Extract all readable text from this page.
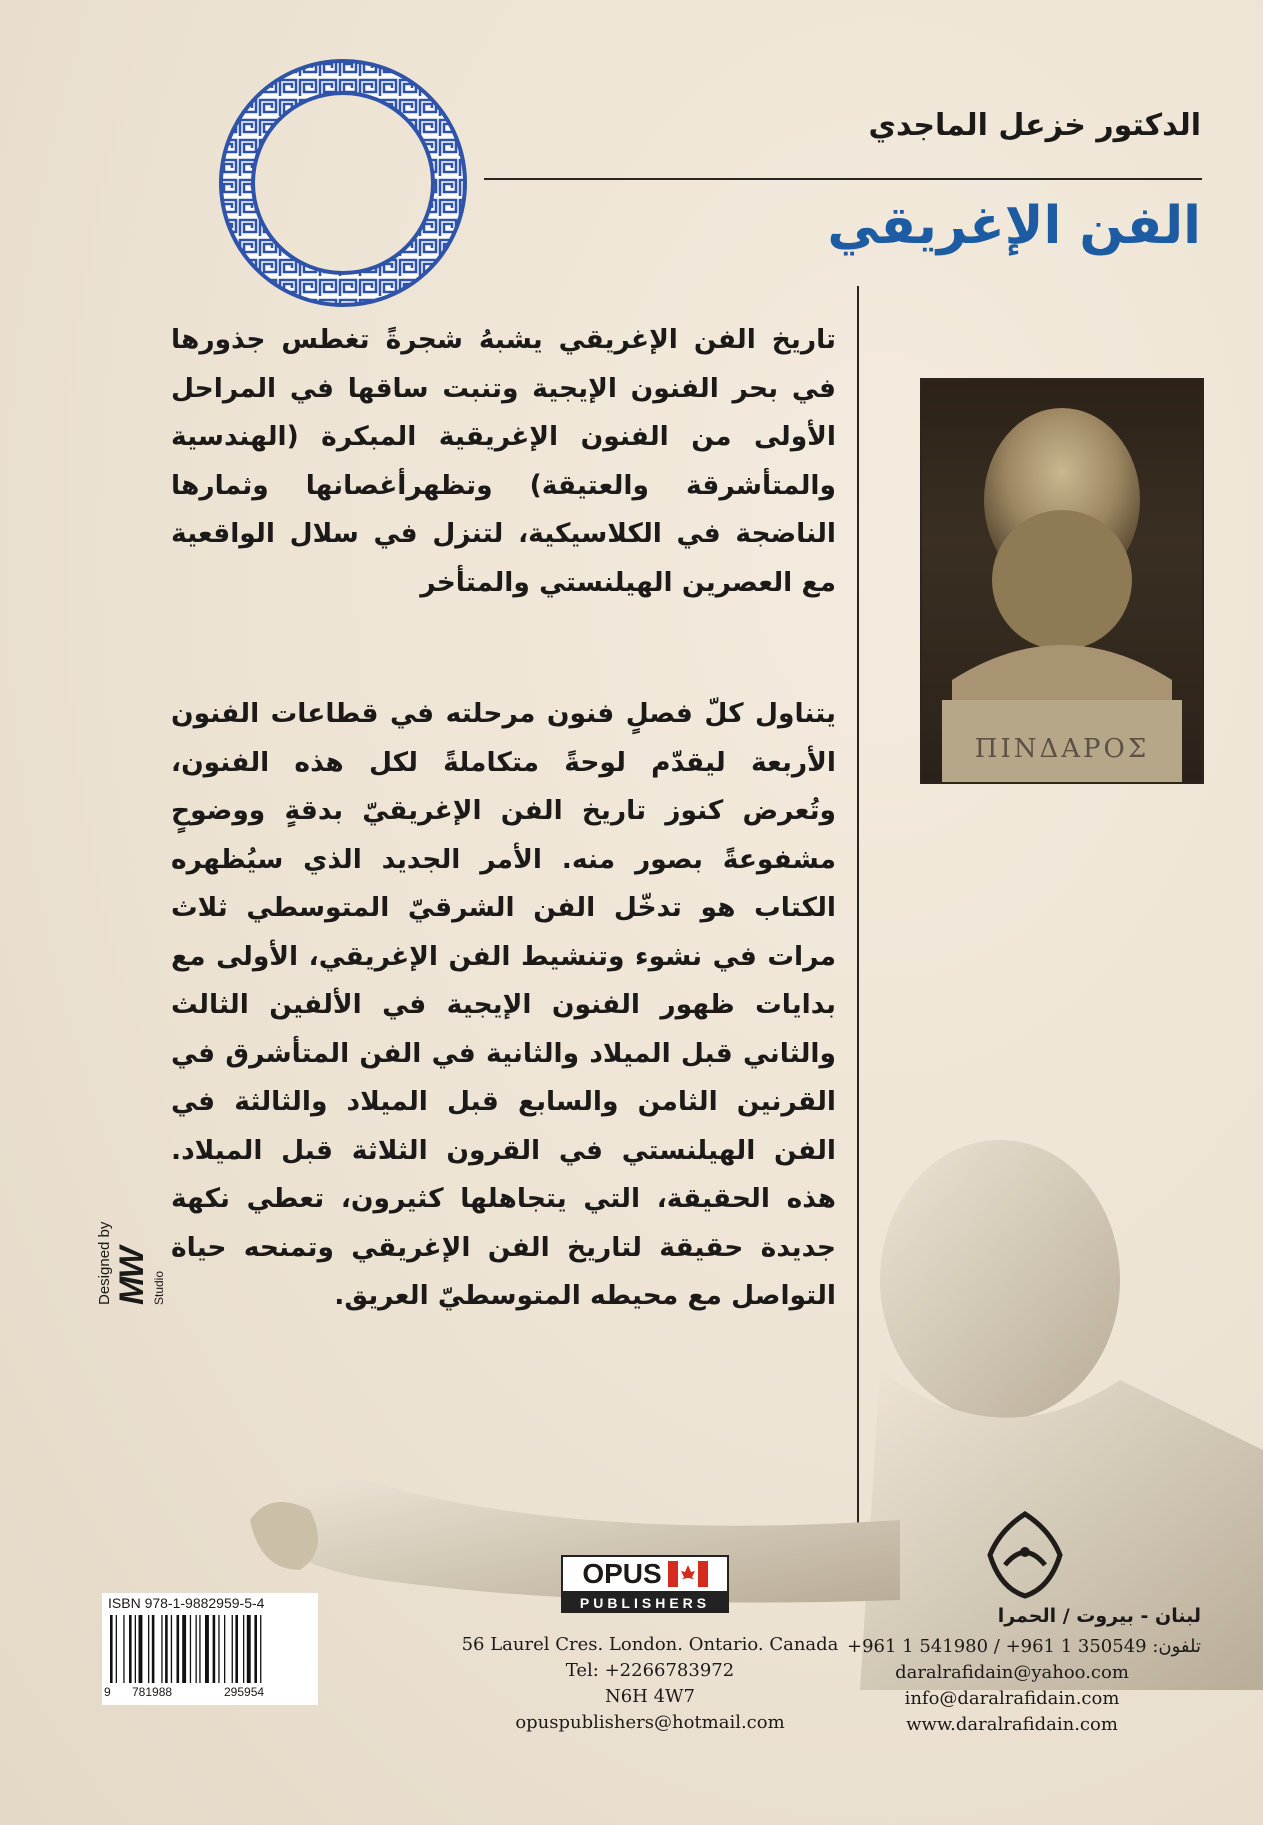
الدكتور خزعل الماجدي
الفن الإغريقي
تاريخ الفن الإغريقي يشبهُ شجرةً تغطس جذورها في بحر الفنون الإيجية وتنبت ساقها في المراحل الأولى من الفنون الإغريقية المبكرة (الهندسية والمتأشرقة والعتيقة) وتظهرأغصانها وثمارها الناضجة في الكلاسيكية، لتنزل في سلال الواقعية مع العصرين الهيلنستي والمتأخر
يتناول كلّ فصلٍ فنون مرحلته في قطاعات الفنون الأربعة ليقدّم لوحةً متكاملةً لكل هذه الفنون، وتُعرض كنوز تاريخ الفن الإغريقيّ بدقةٍ ووضوحٍ مشفوعةً بصور منه. الأمر الجديد الذي سيُظهره الكتاب هو تدخّل الفن الشرقيّ المتوسطي ثلاث مرات في نشوء وتنشيط الفن الإغريقي، الأولى مع بدايات ظهور الفنون الإيجية في الألفين الثالث والثاني قبل الميلاد والثانية في الفن المتأشرق في القرنين الثامن والسابع قبل الميلاد والثالثة في الفن الهيلنستي في القرون الثلاثة قبل الميلاد. هذه الحقيقة، التي يتجاهلها كثيرون، تعطي نكهة جديدة حقيقة لتاريخ الفن الإغريقي وتمنحه حياة التواصل مع محيطه المتوسطيّ العريق.
ΠΙΝΔΑΡΟΣ
Designed by MW Studio
لبنان - بيروت / الحمرا
+961 1 541980 / +961 1 350549 :تلفون
daralrafidain@yahoo.com
info@daralrafidain.com
www.daralrafidain.com
OPUS
PUBLISHERS
56 Laurel Cres. London. Ontario. Canada
Tel: +2266783972
N6H 4W7
opuspublishers@hotmail.com
ISBN 978-1-9882959-5-4
9 781988	295954
